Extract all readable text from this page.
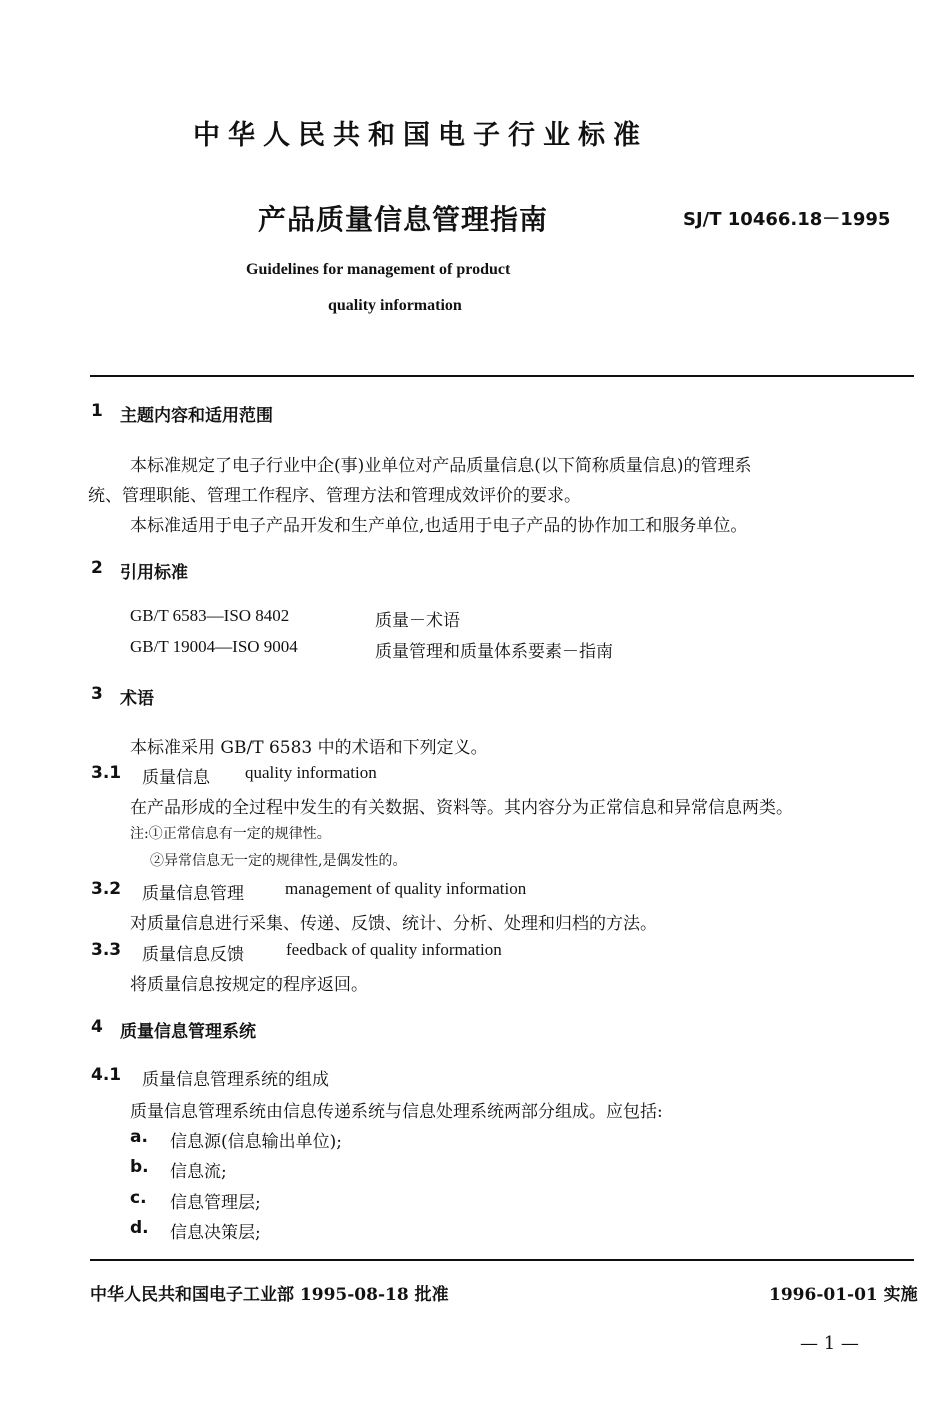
中华人民共和国电子行业标准
产品质量信息管理指南	SJ/T 10466.18－1995
Guidelines for management of product
quality information
1 主题内容和适用范围
本标准规定了电子行业中企(事)业单位对产品质量信息(以下简称质量信息)的管理系
统、管理职能、管理工作程序、管理方法和管理成效评价的要求。
本标准适用于电子产品开发和生产单位,也适用于电子产品的协作加工和服务单位。
2 引用标准
GB/T 6583—ISO 8402	质量－术语
GB/T 19004—ISO 9004	质量管理和质量体系要素－指南
3 术语
本标准采用 GB/T 6583 中的术语和下列定义。
3.1 质量信息 quality information
在产品形成的全过程中发生的有关数据、资料等。其内容分为正常信息和异常信息两类。
注:①正常信息有一定的规律性。
②异常信息无一定的规律性,是偶发性的。
3.2 质量信息管理 management of quality information
对质量信息进行采集、传递、反馈、统计、分析、处理和归档的方法。
3.3 质量信息反馈 feedback of quality information
将质量信息按规定的程序返回。
4 质量信息管理系统
4.1 质量信息管理系统的组成
质量信息管理系统由信息传递系统与信息处理系统两部分组成。应包括:
a. 信息源(信息输出单位);
b. 信息流;
c. 信息管理层;
d. 信息决策层;
中华人民共和国电子工业部 1995-08-18 批准	1996-01-01 实施
— 1 —
